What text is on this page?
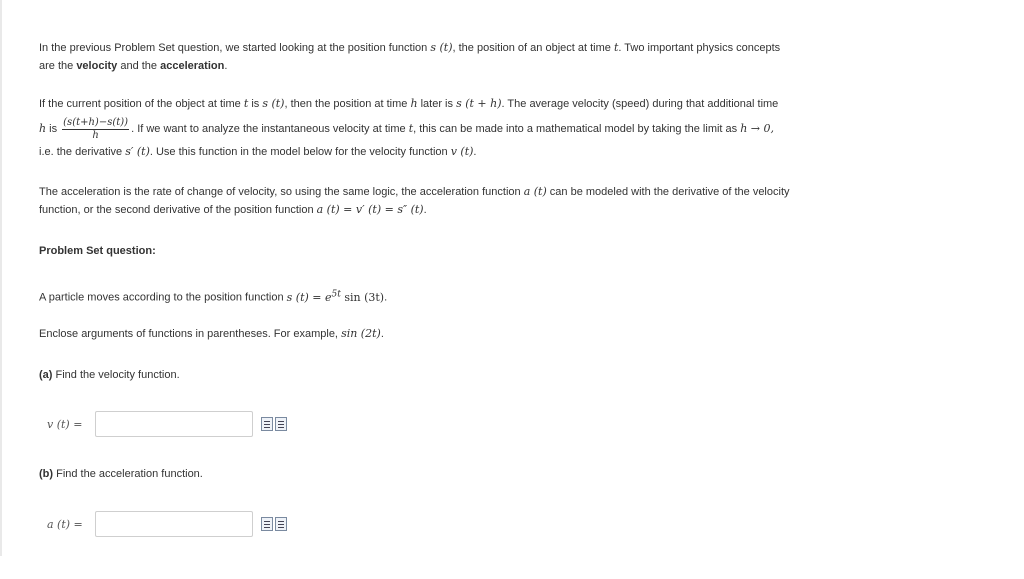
In the previous Problem Set question, we started looking at the position function s (t), the position of an object at time t. Two important physics concepts
are the velocity and the acceleration.
If the current position of the object at time t is s (t), then the position at time h later is s (t + h). The average velocity (speed) during that additional time
h is $\frac{(s(t+h)-s(t))}{h}$ . If we want to analyze the instantaneous velocity at time t, this can be made into a mathematical model by taking the limit as h → 0,
i.e. the derivative s′ (t). Use this function in the model below for the velocity function v (t).
The acceleration is the rate of change of velocity, so using the same logic, the acceleration function a (t) can be modeled with the derivative of the velocity
function, or the second derivative of the position function a (t) = v′ (t) = s″ (t).
Problem Set question:
A particle moves according to the position function s $(t) = e^{5t}$ sin (3t).
Enclose arguments of functions in parentheses. For example, sin (2t).
(a) Find the velocity function.
v (t) =
(b) Find the acceleration function.
a (t) =
